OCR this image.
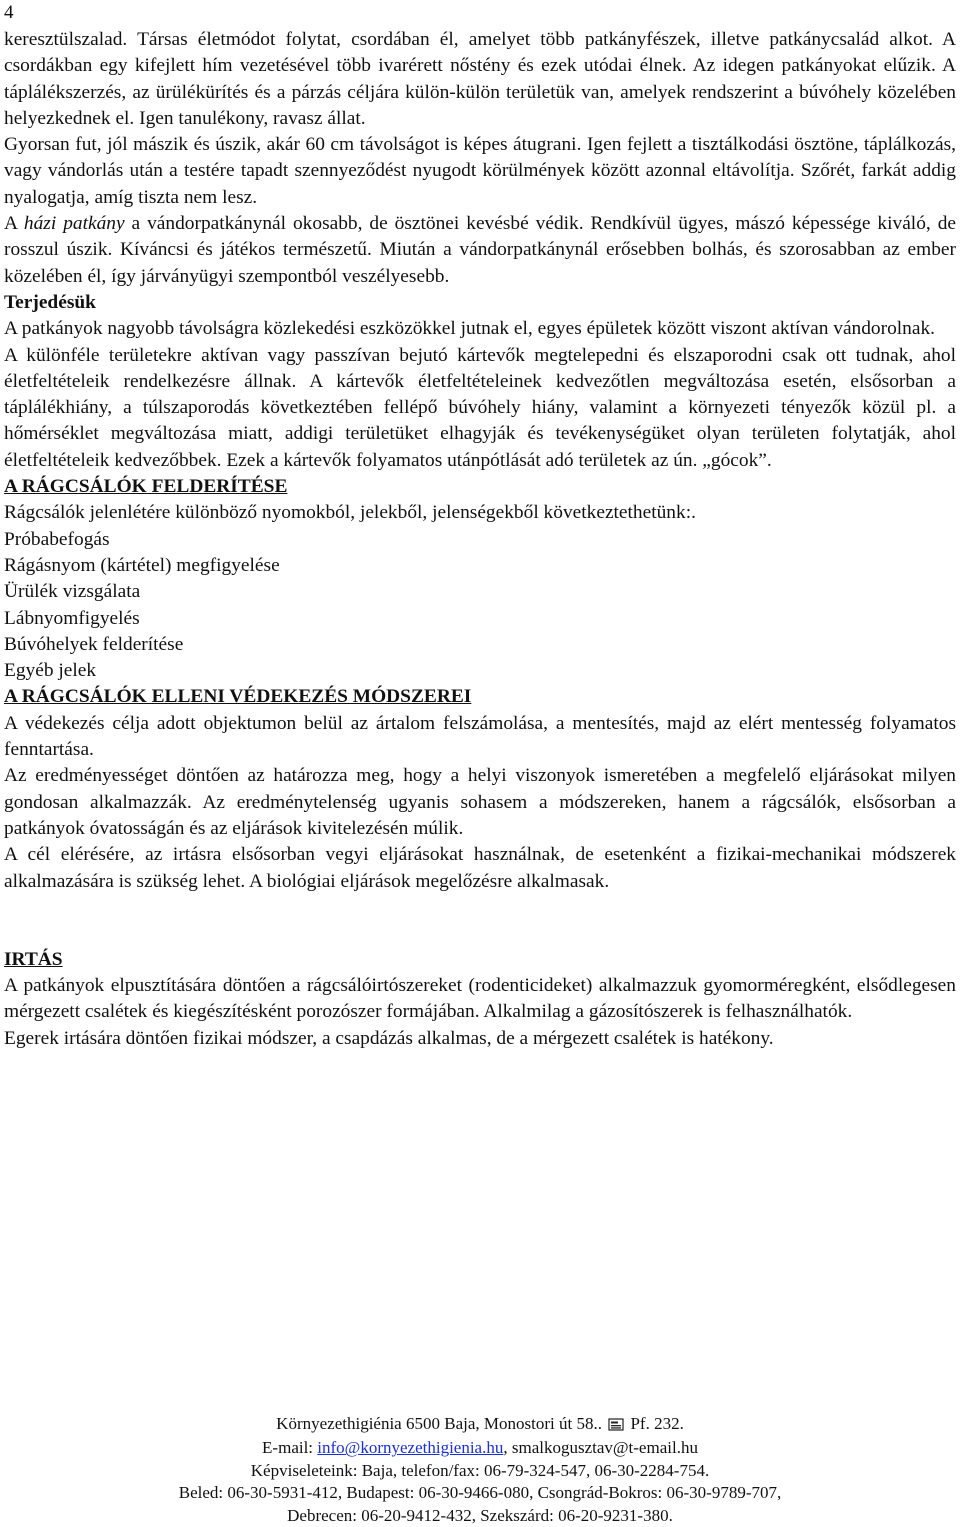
4

keresztülszalad. Társas életmódot folytat, csordában él, amelyet több patkányfészek, illetve patkánycsalád alkot. A csordákban egy kifejlett hím vezetésével több ivarérett nőstény és ezek utódai élnek. Az idegen patkányokat elűzik. A táplálékszerzés, az ürülékürítés és a párzás céljára külön-külön területük van, amelyek rendszerint a búvóhely közelében helyezkednek el. Igen tanulékony, ravasz állat.

Gyorsan fut, jól mászik és úszik, akár 60 cm távolságot is képes átugrani. Igen fejlett a tisztálkodási ösztöne, táplálkozás, vagy vándorlás után a testére tapadt szennyeződést nyugodt körülmények között azonnal eltávolítja. Szőrét, farkát addig nyalogatja, amíg tiszta nem lesz.

A házi patkány a vándorpatkánynál okosabb, de ösztönei kevésbé védik. Rendkívül ügyes, mászó képessége kiváló, de rosszul úszik. Kíváncsi és játékos természetű. Miután a vándorpatkánynál erősebben bolhás, és szorosabban az ember közelében él, így járványügyi szempontból veszélyesebb.

Terjedésük

A patkányok nagyobb távolságra közlekedési eszközökkel jutnak el, egyes épületek között viszont aktívan vándorolnak.

A különféle területekre aktívan vagy passzívan bejutó kártevők megtelepedni és elszaporodni csak ott tudnak, ahol életfeltételeik rendelkezésre állnak. A kártevők életfeltételeinek kedvezőtlen megváltozása esetén, elsősorban a táplálékhiány, a túlszaporodás következtében fellépő búvóhely hiány, valamint a környezeti tényezők közül pl. a hőmérséklet megváltozása miatt, addigi területüket elhagyják és tevékenységüket olyan területen folytatják, ahol életfeltételeik kedvezőbbek. Ezek a kártevők folyamatos utánpótlását adó területek az ún. „gócok”.

A RÁGCSÁLÓK FELDERÍTÉSE

Rágcsálók jelenlétére különböző nyomokból, jelekből, jelenségekből következtethetünk:.

Próbabefogás

Rágásnyom (kártétel) megfigyelése

Ürülék vizsgálata

Lábnyomfigyelés

Búvóhelyek felderítése

Egyéb jelek

A RÁGCSÁLÓK ELLENI VÉDEKEZÉS MÓDSZEREI

A védekezés célja adott objektumon belül az ártalom felszámolása, a mentesítés, majd az elért mentesség folyamatos fenntartása.

Az eredményességet döntően az határozza meg, hogy a helyi viszonyok ismeretében a megfelelő eljárásokat milyen gondosan alkalmazzák. Az eredménytelenség ugyanis sohasem a módszereken, hanem a rágcsálók, elsősorban a patkányok óvatosságán és az eljárások kivitelezésén múlik.

A cél elérésére, az irtásra elsősorban vegyi eljárásokat használnak, de esetenként a fizikai-mechanikai módszerek alkalmazására is szükség lehet. A biológiai eljárások megelőzésre alkalmasak.

IRTÁS

A patkányok elpusztítására döntően a rágcsálóirtószereket (rodenticideket) alkalmazzuk gyomorméregként, elsődlegesen mérgezett csalétek és kiegészítésként porozószer formájában. Alkalmilag a gázosítószerek is felhasználhatók.

Egerek irtására döntően fizikai módszer, a csapdázás alkalmas, de a mérgezett csalétek is hatékony.

Környezethigiénia 6500 Baja, Monostori út 58.. Pf. 232.
E-mail: info@kornyezethigienia.hu, smalkogusztav@t-email.hu
Képviseleteink: Baja, telefon/fax: 06-79-324-547, 06-30-2284-754.
Beled: 06-30-5931-412, Budapest: 06-30-9466-080, Csongrád-Bokros: 06-30-9789-707,
Debrecen: 06-20-9412-432, Szekszárd: 06-20-9231-380.
